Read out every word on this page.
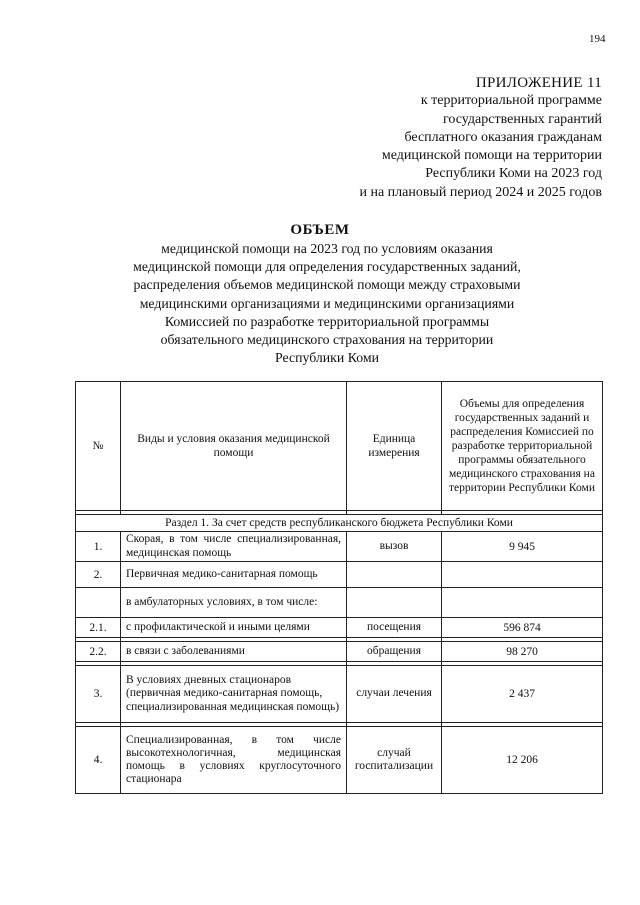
194
ПРИЛОЖЕНИЕ 11
к территориальной программе
государственных гарантий
бесплатного оказания гражданам
медицинской помощи на территории
Республики Коми на 2023 год
и на плановый период 2024 и 2025 годов
ОБЪЕМ
медицинской помощи на 2023 год по условиям оказания
медицинской помощи для определения государственных заданий,
распределения объемов медицинской помощи между страховыми
медицинскими организациями и медицинскими организациями
Комиссией по разработке территориальной программы
обязательного медицинского страхования на территории
Республики Коми
№	Виды и условия оказания медицинской помощи	Единица измерения	Объемы для определения государственных заданий и распределения Комиссией по разработке территориальной программы обязательного медицинского страхования на территории Республики Коми

Раздел 1. За счет средств республиканского бюджета Республики Коми			
1.	Скорая, в том числе специализированная, медицинская помощь	вызов	9 945
2.	Первичная медико-санитарная помощь		
	в амбулаторных условиях, в том числе:		
2.1.	с профилактической и иными целями	посещения	596 874

2.2.	в связи с заболеваниями	обращения	98 270

3.	В условиях дневных стационаров (первичная медико-санитарная помощь, специализированная медицинская помощь)	случаи лечения	2 437

4.	Специализированная, в том числе высокотехнологичная, медицинская помощь в условиях круглосуточного стационара	случай госпитализации	12 206
